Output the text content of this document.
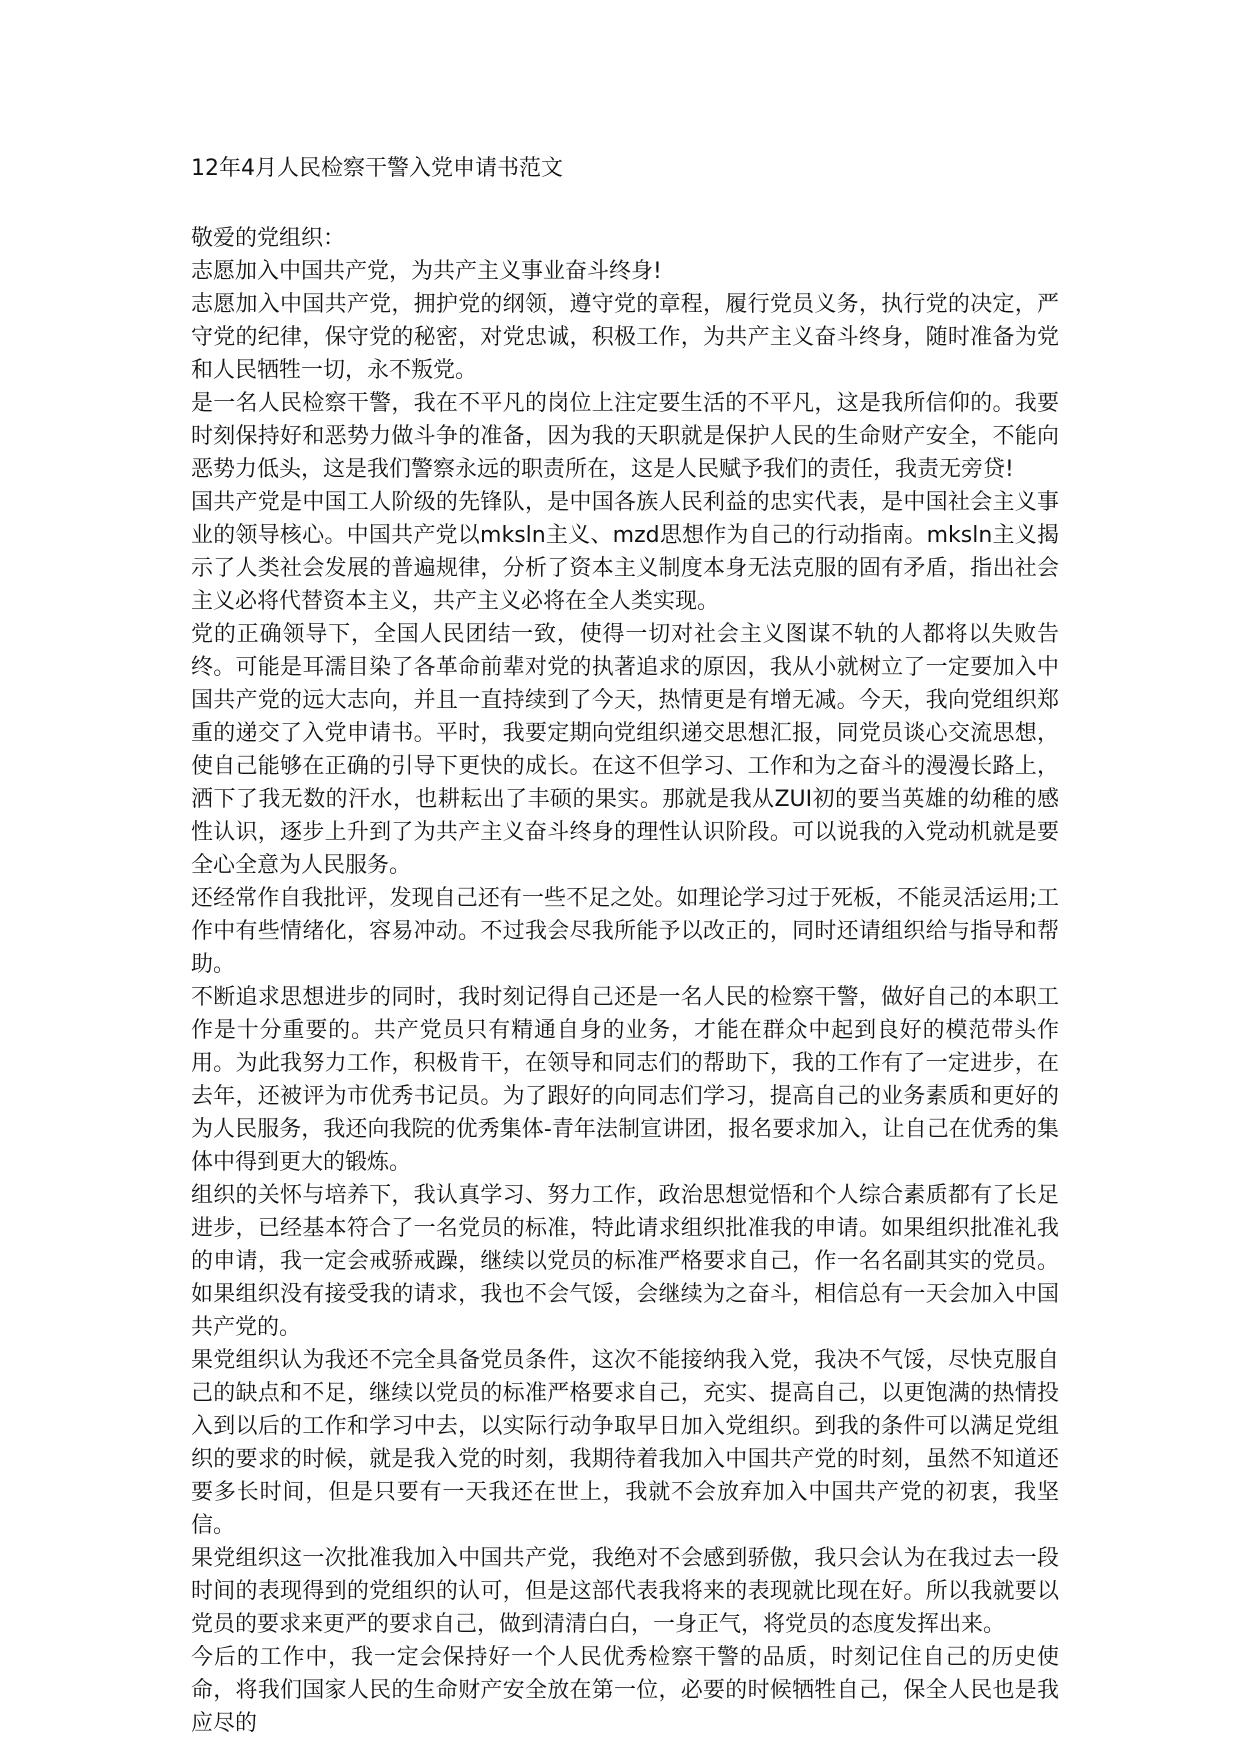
12年4月人民检察干警入党申请书范文

敬爱的党组织：

志愿加入中国共产党，为共产主义事业奋斗终身!

志愿加入中国共产党，拥护党的纲领，遵守党的章程，履行党员义务，执行党的决定，严守党的纪律，保守党的秘密，对党忠诚，积极工作，为共产主义奋斗终身，随时准备为党和人民牺牲一切，永不叛党。

是一名人民检察干警，我在不平凡的岗位上注定要生活的不平凡，这是我所信仰的。我要时刻保持好和恶势力做斗争的准备，因为我的天职就是保护人民的生命财产安全，不能向恶势力低头，这是我们警察永远的职责所在，这是人民赋予我们的责任，我责无旁贷!

国共产党是中国工人阶级的先锋队，是中国各族人民利益的忠实代表，是中国社会主义事业的领导核心。中国共产党以mksln主义、mzd思想作为自己的行动指南。mksln主义揭示了人类社会发展的普遍规律，分析了资本主义制度本身无法克服的固有矛盾，指出社会主义必将代替资本主义，共产主义必将在全人类实现。

党的正确领导下，全国人民团结一致，使得一切对社会主义图谋不轨的人都将以失败告终。可能是耳濡目染了各革命前辈对党的执著追求的原因，我从小就树立了一定要加入中国共产党的远大志向，并且一直持续到了今天，热情更是有增无减。今天，我向党组织郑重的递交了入党申请书。平时，我要定期向党组织递交思想汇报，同党员谈心交流思想，使自己能够在正确的引导下更快的成长。在这不但学习、工作和为之奋斗的漫漫长路上，洒下了我无数的汗水，也耕耘出了丰硕的果实。那就是我从ZUI初的要当英雄的幼稚的感性认识，逐步上升到了为共产主义奋斗终身的理性认识阶段。可以说我的入党动机就是要全心全意为人民服务。

还经常作自我批评，发现自己还有一些不足之处。如理论学习过于死板，不能灵活运用;工作中有些情绪化，容易冲动。不过我会尽我所能予以改正的，同时还请组织给与指导和帮助。

不断追求思想进步的同时，我时刻记得自己还是一名人民的检察干警，做好自己的本职工作是十分重要的。共产党员只有精通自身的业务，才能在群众中起到良好的模范带头作用。为此我努力工作，积极肯干，在领导和同志们的帮助下，我的工作有了一定进步，在去年，还被评为市优秀书记员。为了跟好的向同志们学习，提高自己的业务素质和更好的为人民服务，我还向我院的优秀集体-青年法制宣讲团，报名要求加入，让自己在优秀的集体中得到更大的锻炼。

组织的关怀与培养下，我认真学习、努力工作，政治思想觉悟和个人综合素质都有了长足进步，已经基本符合了一名党员的标准，特此请求组织批准我的申请。如果组织批准礼我的申请，我一定会戒骄戒躁，继续以党员的标准严格要求自己，作一名名副其实的党员。如果组织没有接受我的请求，我也不会气馁，会继续为之奋斗，相信总有一天会加入中国共产党的。

果党组织认为我还不完全具备党员条件，这次不能接纳我入党，我决不气馁，尽快克服自己的缺点和不足，继续以党员的标准严格要求自己，充实、提高自己，以更饱满的热情投入到以后的工作和学习中去，以实际行动争取早日加入党组织。到我的条件可以满足党组织的要求的时候，就是我入党的时刻，我期待着我加入中国共产党的时刻，虽然不知道还要多长时间，但是只要有一天我还在世上，我就不会放弃加入中国共产党的初衷，我坚信。

果党组织这一次批准我加入中国共产党，我绝对不会感到骄傲，我只会认为在我过去一段时间的表现得到的党组织的认可，但是这部代表我将来的表现就比现在好。所以我就要以党员的要求来更严的要求自己，做到清清白白，一身正气，将党员的态度发挥出来。

今后的工作中，我一定会保持好一个人民优秀检察干警的品质，时刻记住自己的历史使命，将我们国家人民的生命财产安全放在第一位，必要的时候牺牲自己，保全人民也是我应尽的
